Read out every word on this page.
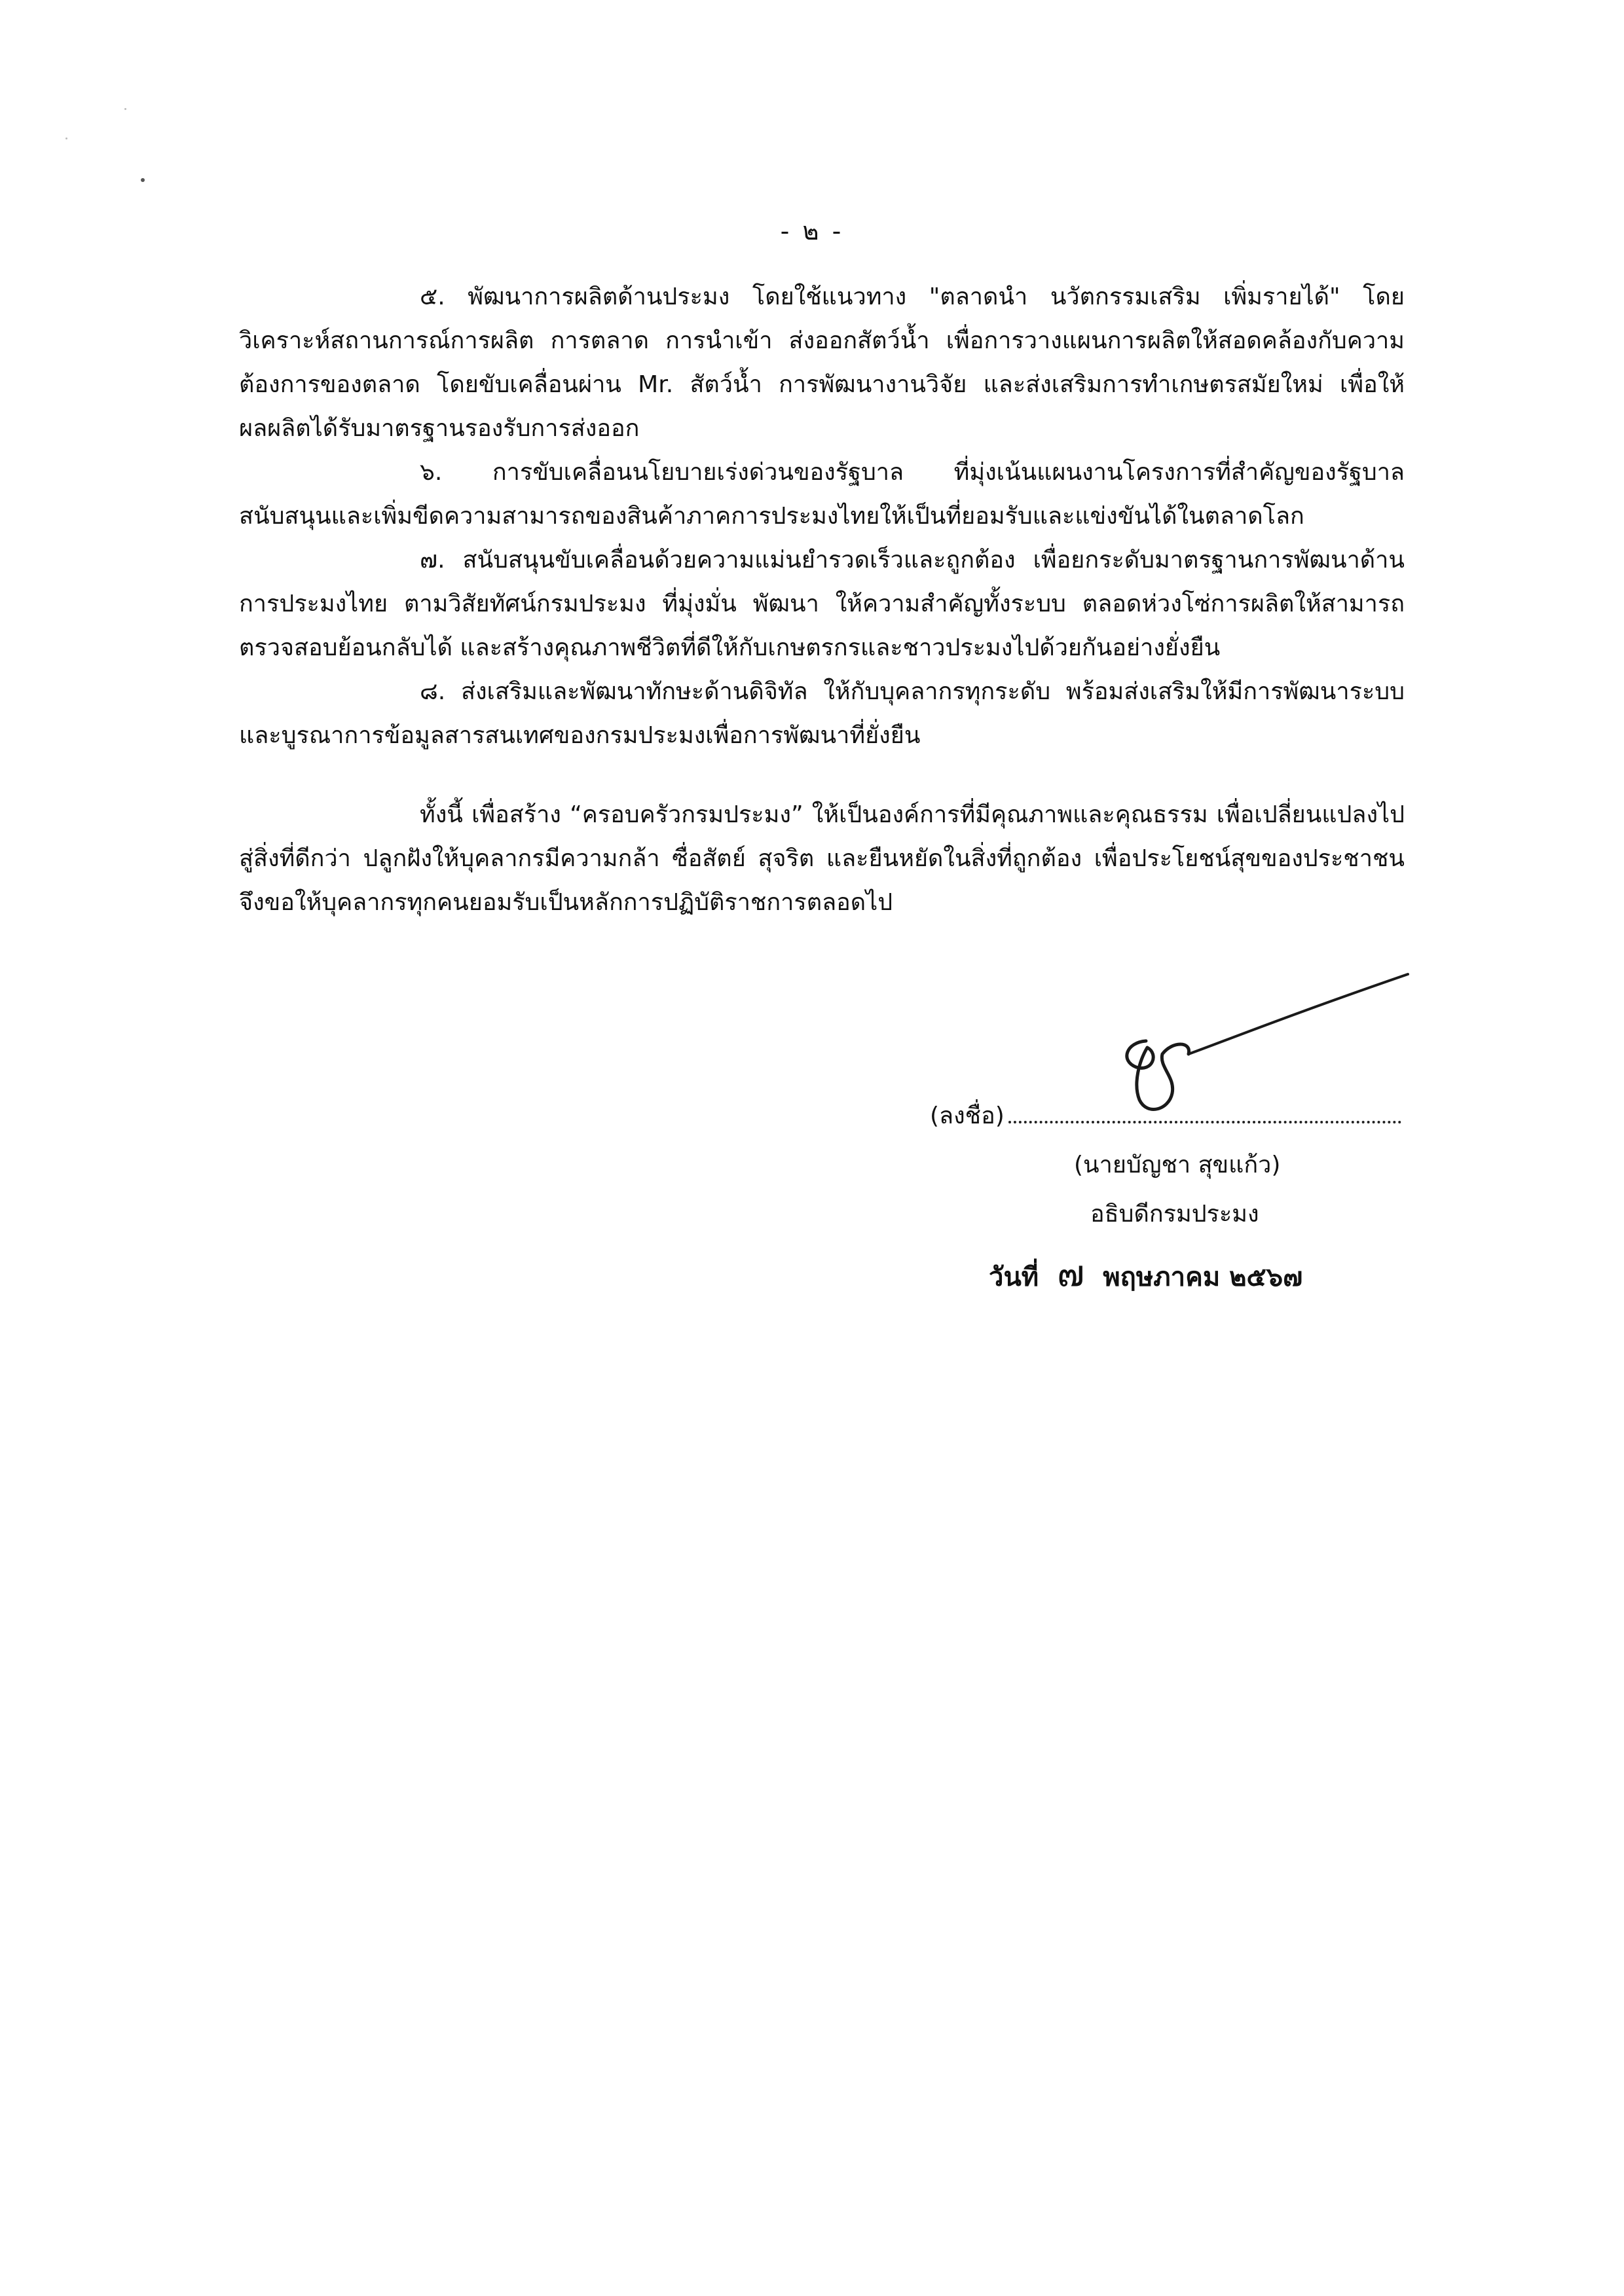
- ๒ -

๕. พัฒนาการผลิตด้านประมง โดยใช้แนวทาง "ตลาดนำ นวัตกรรมเสริม เพิ่มรายได้" โดยวิเคราะห์สถานการณ์การผลิต การตลาด การนำเข้า ส่งออกสัตว์น้ำ เพื่อการวางแผนการผลิตให้สอดคล้องกับความต้องการของตลาด โดยขับเคลื่อนผ่าน Mr. สัตว์น้ำ การพัฒนางานวิจัย และส่งเสริมการทำเกษตรสมัยใหม่ เพื่อให้ผลผลิตได้รับมาตรฐานรองรับการส่งออก

๖. การขับเคลื่อนนโยบายเร่งด่วนของรัฐบาล ที่มุ่งเน้นแผนงานโครงการที่สำคัญของรัฐบาล สนับสนุนและเพิ่มขีดความสามารถของสินค้าภาคการประมงไทยให้เป็นที่ยอมรับและแข่งขันได้ในตลาดโลก

๗. สนับสนุนขับเคลื่อนด้วยความแม่นยำรวดเร็วและถูกต้อง เพื่อยกระดับมาตรฐานการพัฒนาด้านการประมงไทย ตามวิสัยทัศน์กรมประมง ที่มุ่งมั่น พัฒนา ให้ความสำคัญทั้งระบบ ตลอดห่วงโซ่การผลิตให้สามารถตรวจสอบย้อนกลับได้ และสร้างคุณภาพชีวิตที่ดีให้กับเกษตรกรและชาวประมงไปด้วยกันอย่างยั่งยืน

๘. ส่งเสริมและพัฒนาทักษะด้านดิจิทัล ให้กับบุคลากรทุกระดับ พร้อมส่งเสริมให้มีการพัฒนาระบบและบูรณาการข้อมูลสารสนเทศของกรมประมงเพื่อการพัฒนาที่ยั่งยืน

ทั้งนี้ เพื่อสร้าง “ครอบครัวกรมประมง” ให้เป็นองค์การที่มีคุณภาพและคุณธรรม เพื่อเปลี่ยนแปลงไปสู่สิ่งที่ดีกว่า ปลูกฝังให้บุคลากรมีความกล้า ซื่อสัตย์ สุจริต และยืนหยัดในสิ่งที่ถูกต้อง เพื่อประโยชน์สุขของประชาชน จึงขอให้บุคลากรทุกคนยอมรับเป็นหลักการปฏิบัติราชการตลอดไป

(ลงชื่อ)
(นายบัญชา สุขแก้ว)
อธิบดีกรมประมง
วันที่ ๗ พฤษภาคม ๒๕๖๗
